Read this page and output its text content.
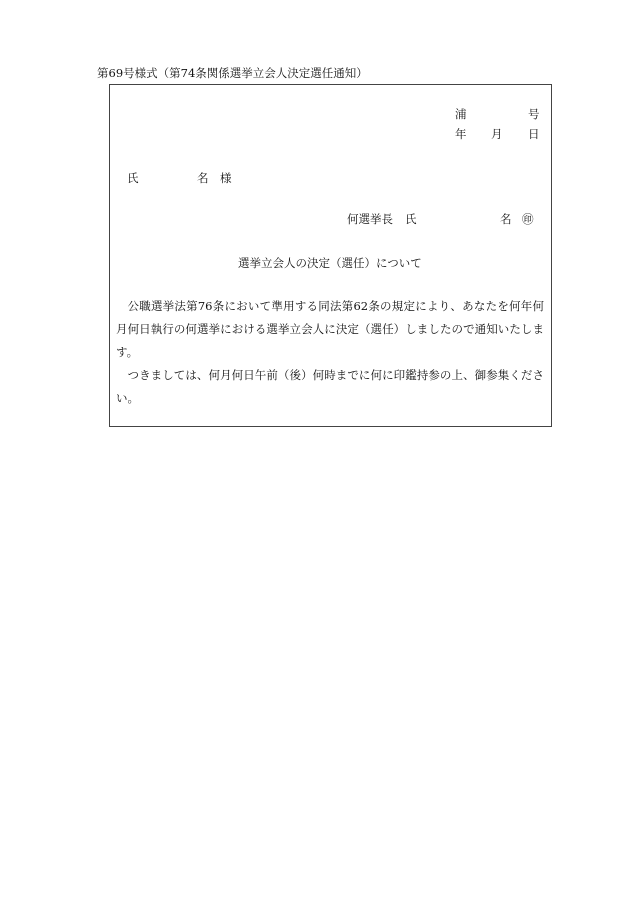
第69号様式（第74条関係選挙立会人決定選任通知）
浦	号
年 月 日
氏	名 様
何選挙長 氏	名 ㊞
選挙立会人の決定（選任）について

公職選挙法第76条において準用する同法第62条の規定により、あなたを何年何月何日執行の何選挙における選挙立会人に決定（選任）しましたので通知いたします。

つきましては、何月何日午前（後）何時までに何に印鑑持参の上、御参集ください。
